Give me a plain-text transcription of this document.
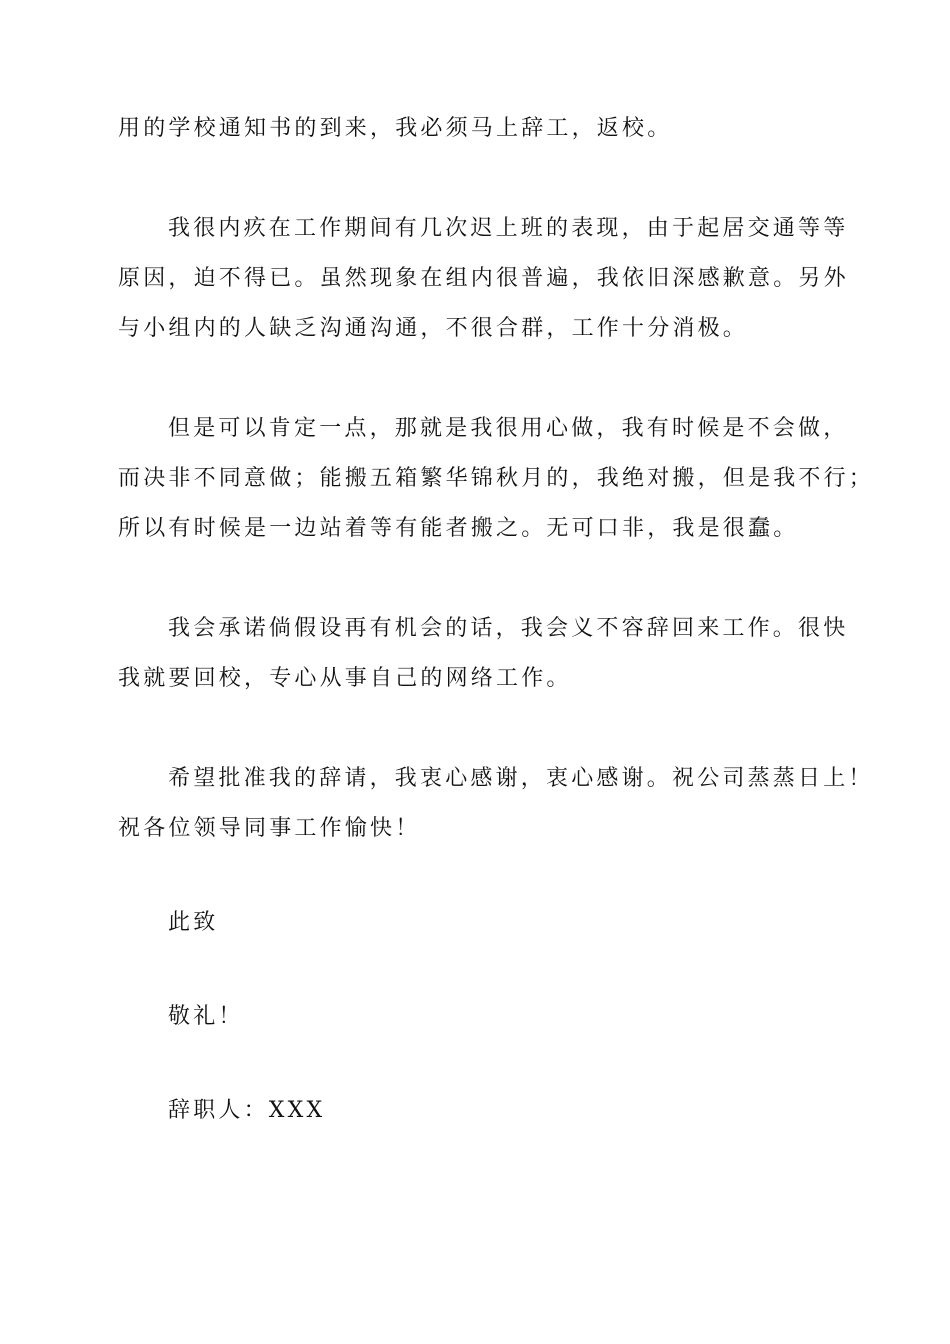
用的学校通知书的到来，我必须马上辞工，返校。
我很内疚在工作期间有几次迟上班的表现，由于起居交通等等
原因，迫不得已。虽然现象在组内很普遍，我依旧深感歉意。另外
与小组内的人缺乏沟通沟通，不很合群，工作十分消极。
但是可以肯定一点，那就是我很用心做，我有时候是不会做，
而决非不同意做；能搬五箱繁华锦秋月的，我绝对搬，但是我不行；
所以有时候是一边站着等有能者搬之。无可口非，我是很蠢。
我会承诺倘假设再有机会的话，我会义不容辞回来工作。很快
我就要回校，专心从事自己的网络工作。
希望批准我的辞请，我衷心感谢，衷心感谢。祝公司蒸蒸日上！
祝各位领导同事工作愉快！
此致
敬礼！
辞职人：XXX
